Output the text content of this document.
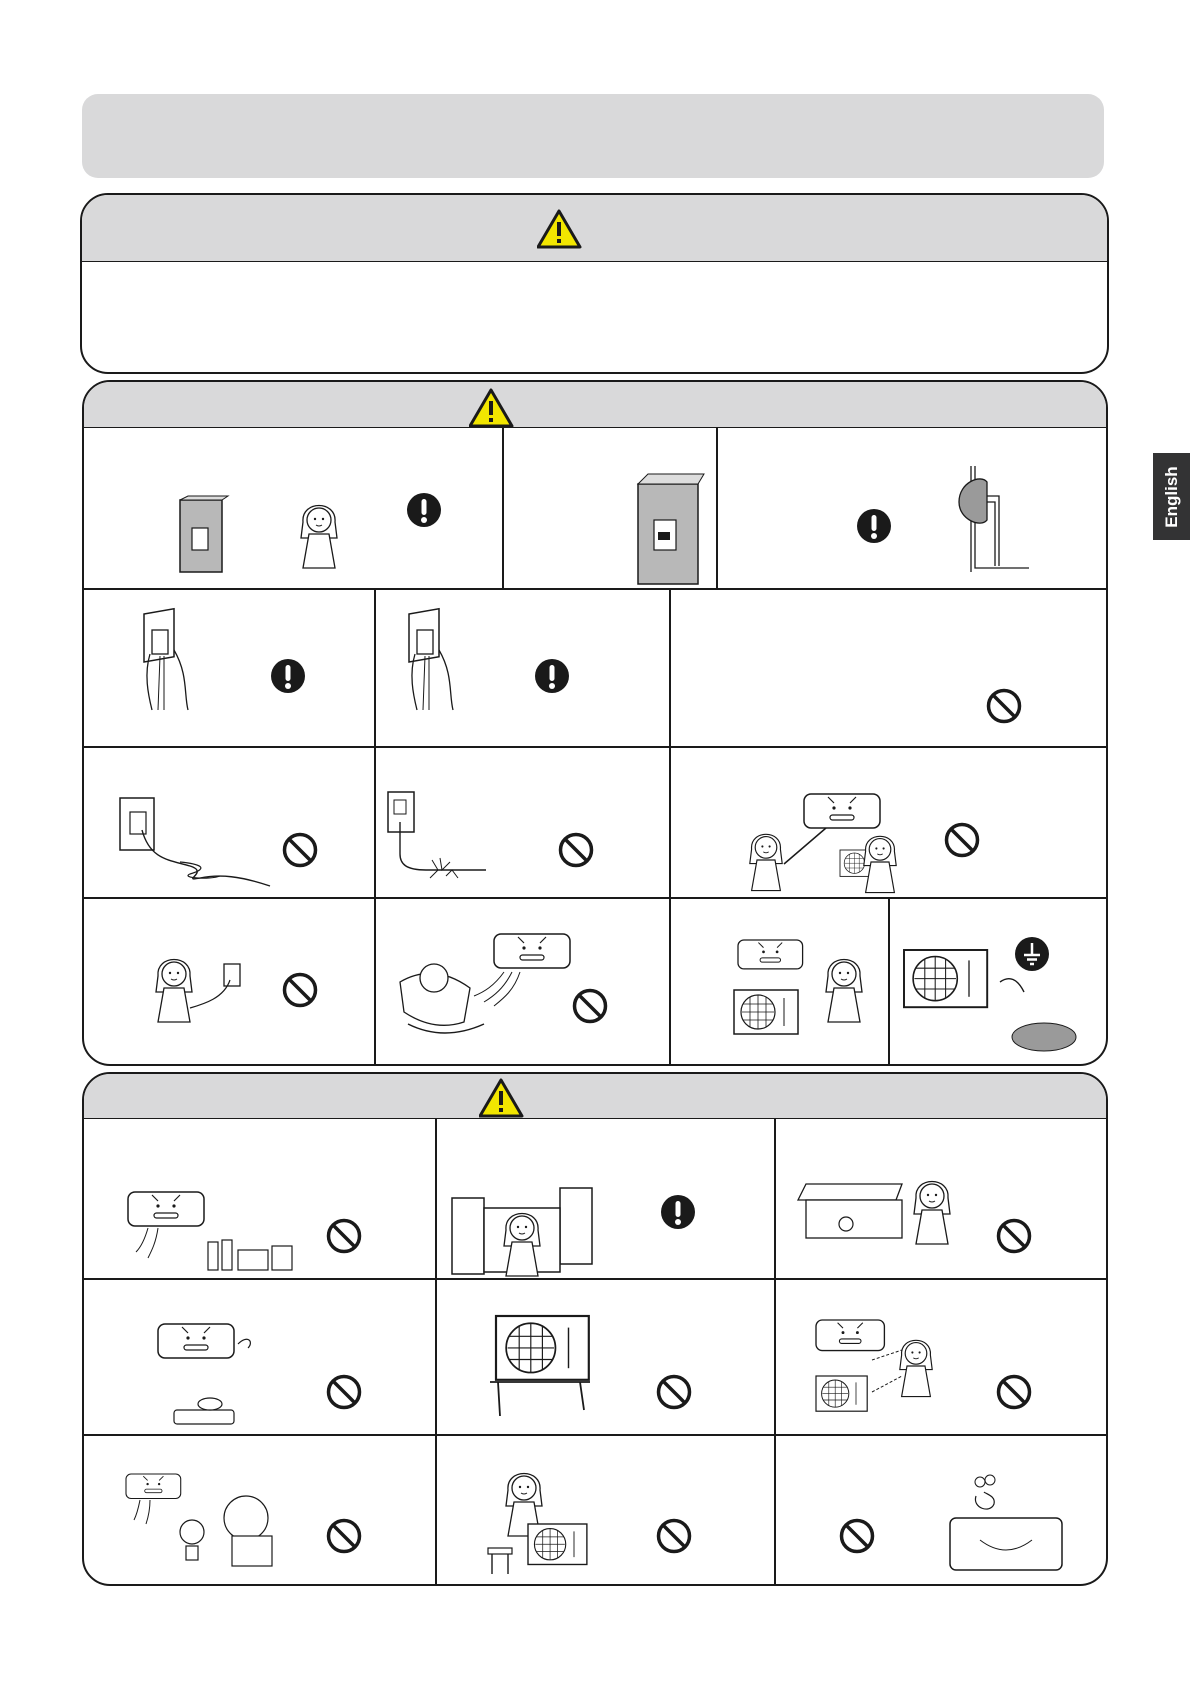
English
